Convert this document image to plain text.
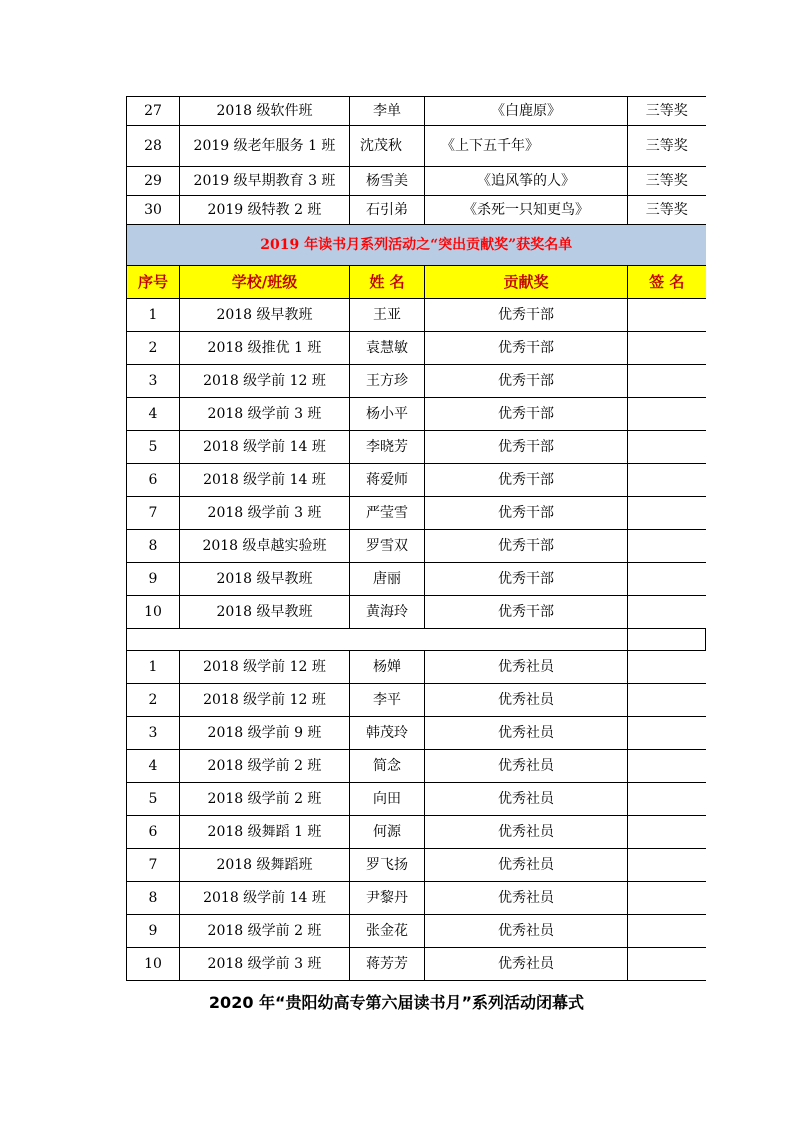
27	2018 级软件班	李单	《白鹿原》	三等奖
28	2019 级老年服务 1 班	沈茂秋	《上下五千年》	三等奖
29	2019 级早期教育 3 班	杨雪美	《追风筝的人》	三等奖
30	2019 级特教 2 班	石引弟	《杀死一只知更鸟》	三等奖
2019 年读书月系列活动之“突出贡献奖”获奖名单				
序号	学校/班级	姓 名	贡献奖	签 名
1	2018 级早教班	王亚	优秀干部	
2	2018 级推优 1 班	袁慧敏	优秀干部	
3	2018 级学前 12 班	王方珍	优秀干部	
4	2018 级学前 3 班	杨小平	优秀干部	
5	2018 级学前 14 班	李晓芳	优秀干部	
6	2018 级学前 14 班	蒋爱师	优秀干部	
7	2018 级学前 3 班	严莹雪	优秀干部	
8	2018 级卓越实验班	罗雪双	优秀干部	
9	2018 级早教班	唐丽	优秀干部	
10	2018 级早教班	黄海玲	优秀干部	

1	2018 级学前 12 班	杨婵	优秀社员	
2	2018 级学前 12 班	李平	优秀社员	
3	2018 级学前 9 班	韩茂玲	优秀社员	
4	2018 级学前 2 班	简念	优秀社员	
5	2018 级学前 2 班	向田	优秀社员	
6	2018 级舞蹈 1 班	何源	优秀社员	
7	2018 级舞蹈班	罗飞扬	优秀社员	
8	2018 级学前 14 班	尹黎丹	优秀社员	
9	2018 级学前 2 班	张金花	优秀社员	
10	2018 级学前 3 班	蒋芳芳	优秀社员	
2020 年“贵阳幼高专第六届读书月”系列活动闭幕式
